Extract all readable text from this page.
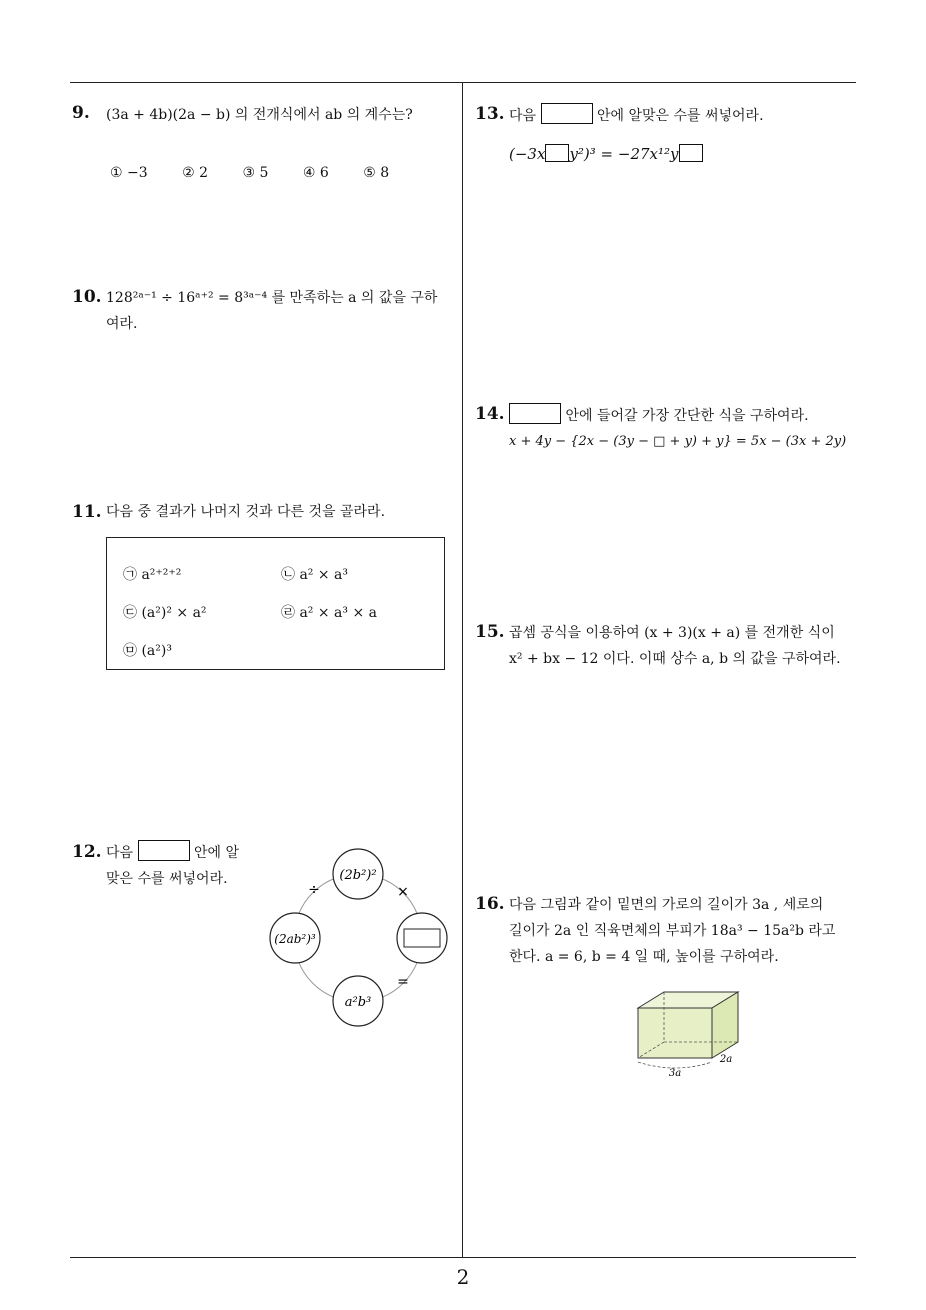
9. (3a + 4b)(2a − b) 의 전개식에서 ab 의 계수는?
① −3 ② 2 ③ 5 ④ 6 ⑤ 8
10. 128²ᵃ⁻¹ ÷ 16ᵃ⁺² = 8³ᵃ⁻⁴ 를 만족하는 a 의 값을 구하
여라.
11. 다음 중 결과가 나머지 것과 다른 것을 골라라.
㉠ a²⁺²⁺²	㉡ a² × a³
㉢ (a²)² × a²	㉣ a² × a³ × a
㉤ (a²)³
12. 다음	안에 알
맞은 수를 써넣어라.	(2b²)²
(2ab²)³
a²b³
÷	×
=
13. 다음	안에 알맞은 수를 써넣어라.
(−3x y²)³ = −27x¹²y
14.	안에 들어갈 가장 간단한 식을 구하여라.
x + 4y − {2x − (3y − □ + y) + y} = 5x − (3x + 2y)
15. 곱셈 공식을 이용하여 (x + 3)(x + a) 를 전개한 식이
x² + bx − 12 이다. 이때 상수 a, b 의 값을 구하여라.
16. 다음 그림과 같이 밑면의 가로의 길이가 3a , 세로의
길이가 2a 인 직육면체의 부피가 18a³ − 15a²b 라고
한다. a = 6, b = 4 일 때, 높이를 구하여라.
3a
2a
2
